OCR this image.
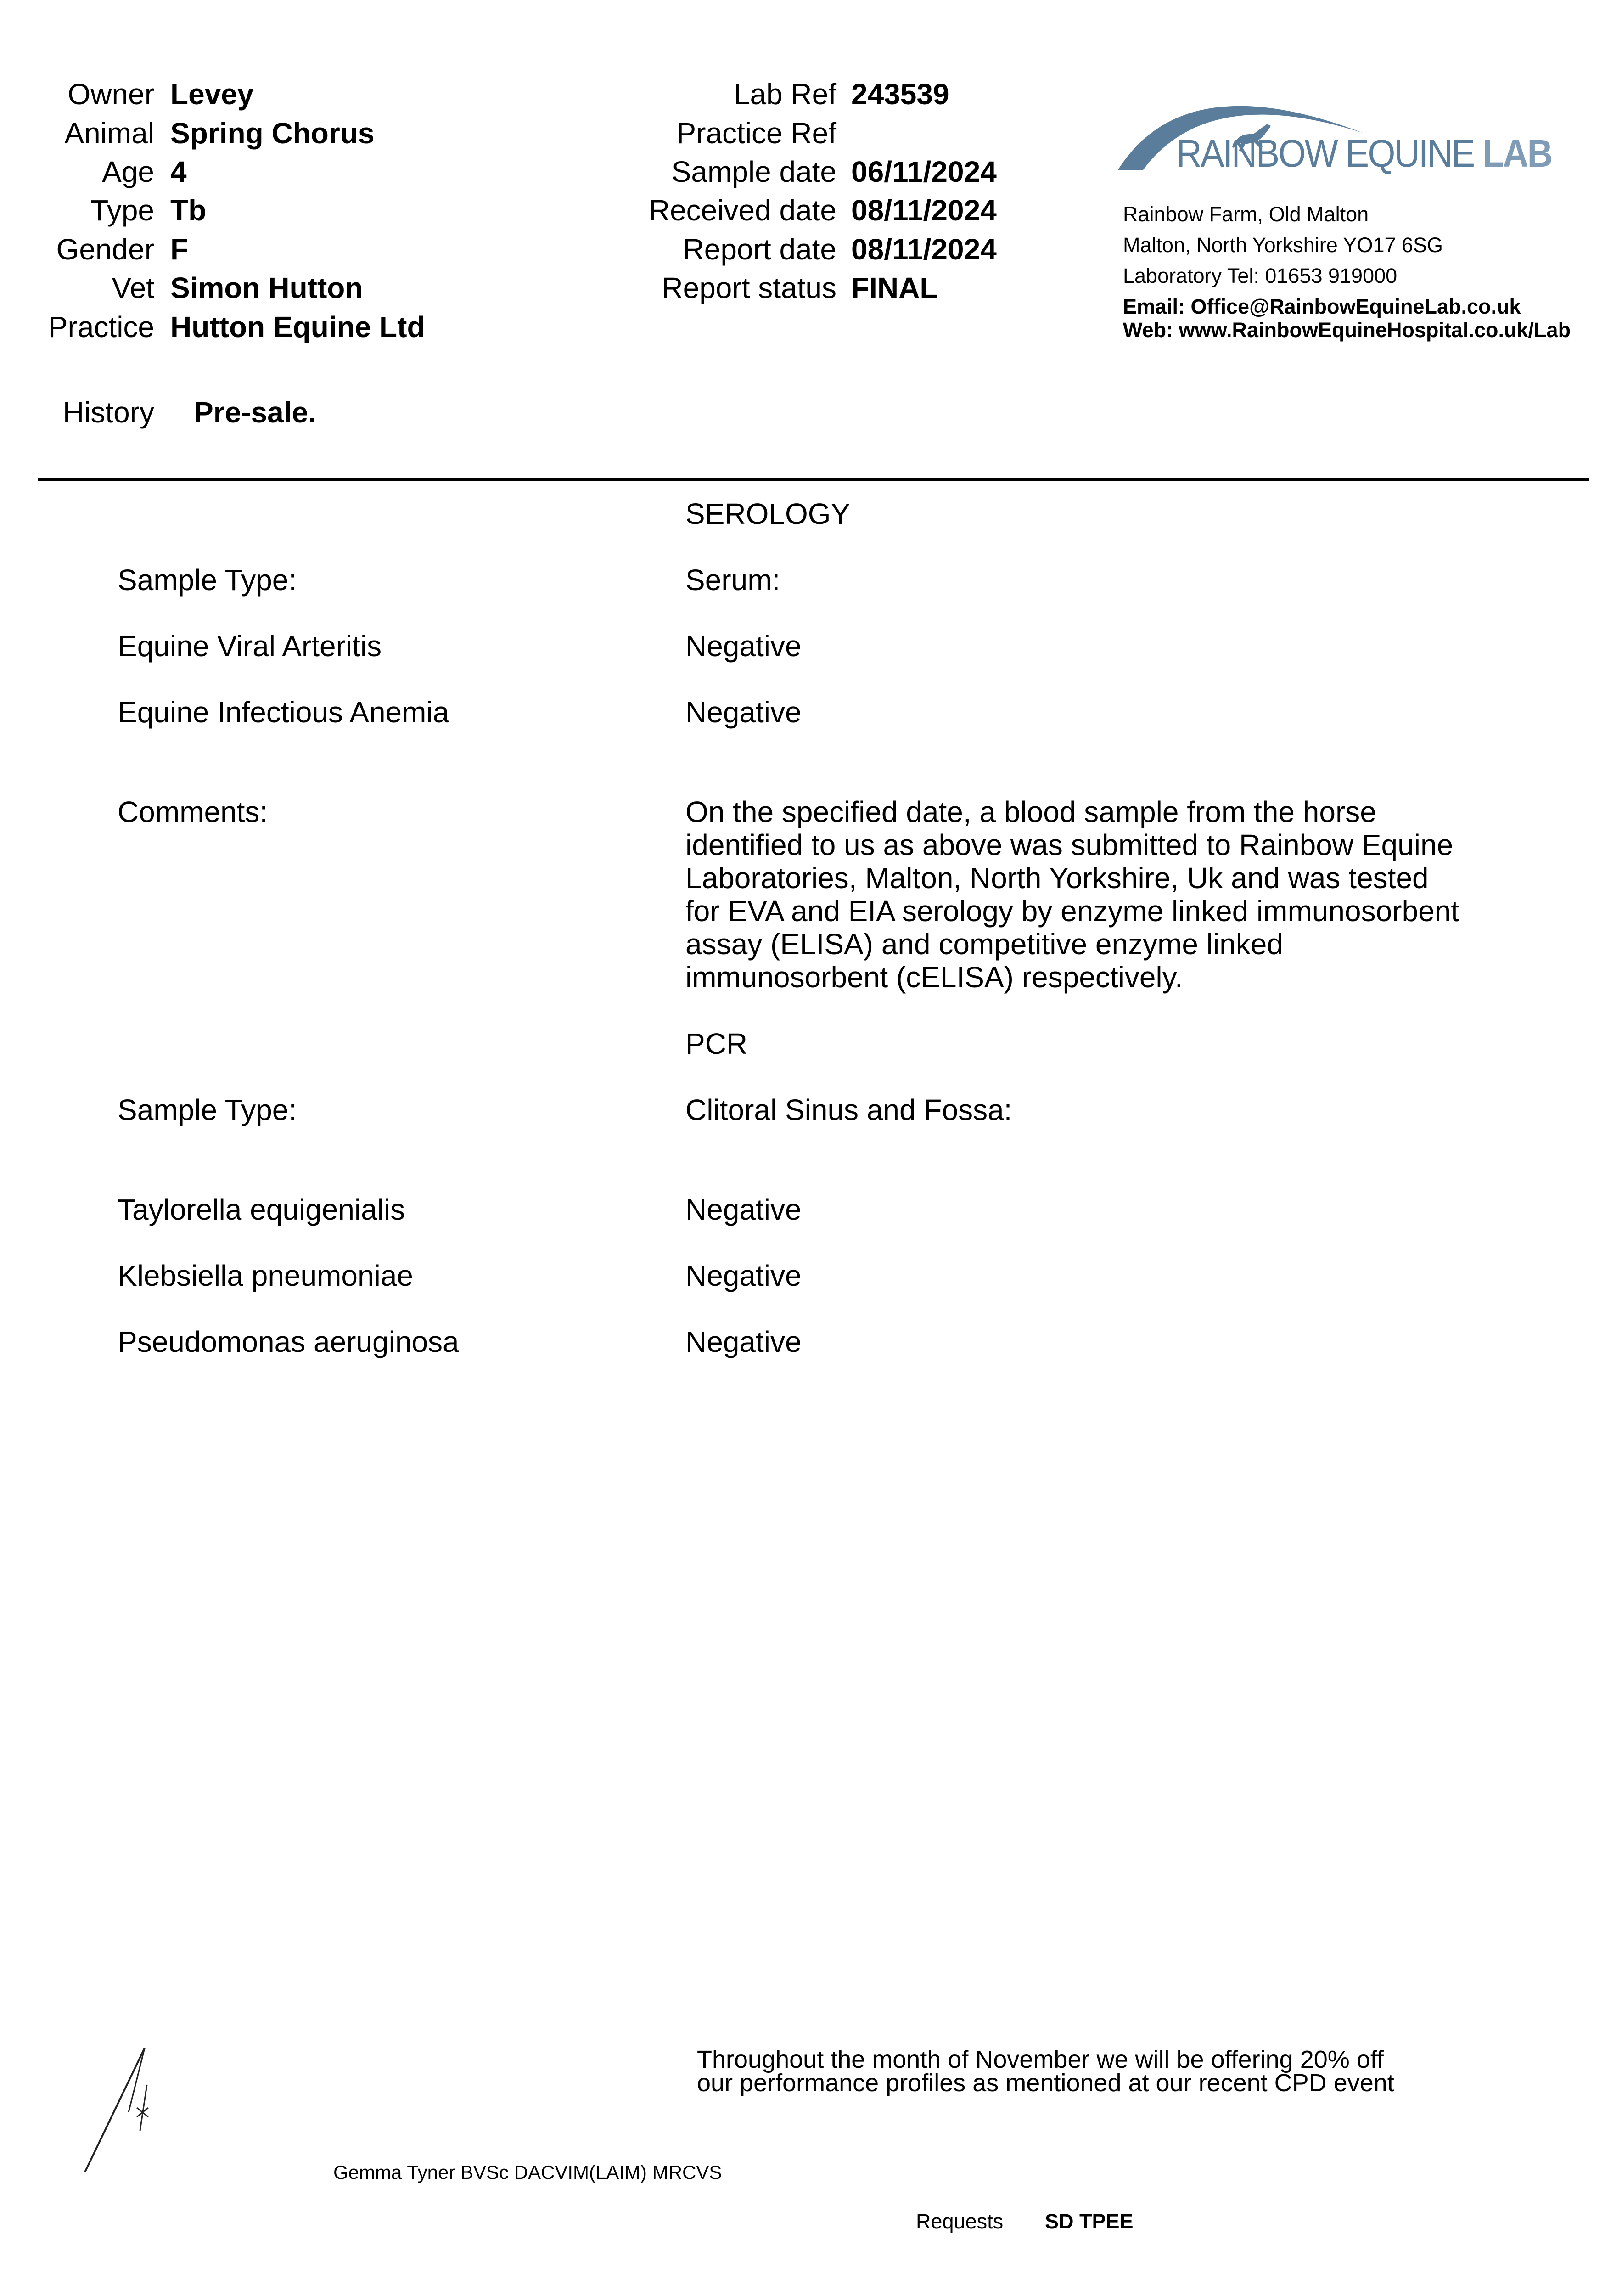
Owner Levey
Animal Spring Chorus
Age 4
Type Tb
Gender F
Vet Simon Hutton
Practice Hutton Equine Ltd
Lab Ref 243539
Practice Ref
Sample date 06/11/2024
Received date 08/11/2024
Report date 08/11/2024
Report status FINAL
RAINBOW EQUINE LAB
Rainbow Farm, Old Malton
Malton, North Yorkshire YO17 6SG
Laboratory Tel: 01653 919000
Email: Office@RainbowEquineLab.co.uk
Web: www.RainbowEquineHospital.co.uk/Lab
History Pre-sale.
SEROLOGY
Sample Type:	Serum:
Equine Viral Arteritis	Negative
Equine Infectious Anemia	Negative
Comments:	On the specified date, a blood sample from the horse identified to us as above was submitted to Rainbow Equine Laboratories, Malton, North Yorkshire, Uk and was tested for EVA and EIA serology by enzyme linked immunosorbent assay (ELISA) and competitive enzyme linked immunosorbent (cELISA) respectively.
PCR
Sample Type:	Clitoral Sinus and Fossa:
Taylorella equigenialis	Negative
Klebsiella pneumoniae	Negative
Pseudomonas aeruginosa	Negative
Throughout the month of November we will be offering 20% off
our performance profiles as mentioned at our recent CPD event
Gemma Tyner BVSc DACVIM(LAIM) MRCVS
Requests SD TPEE
